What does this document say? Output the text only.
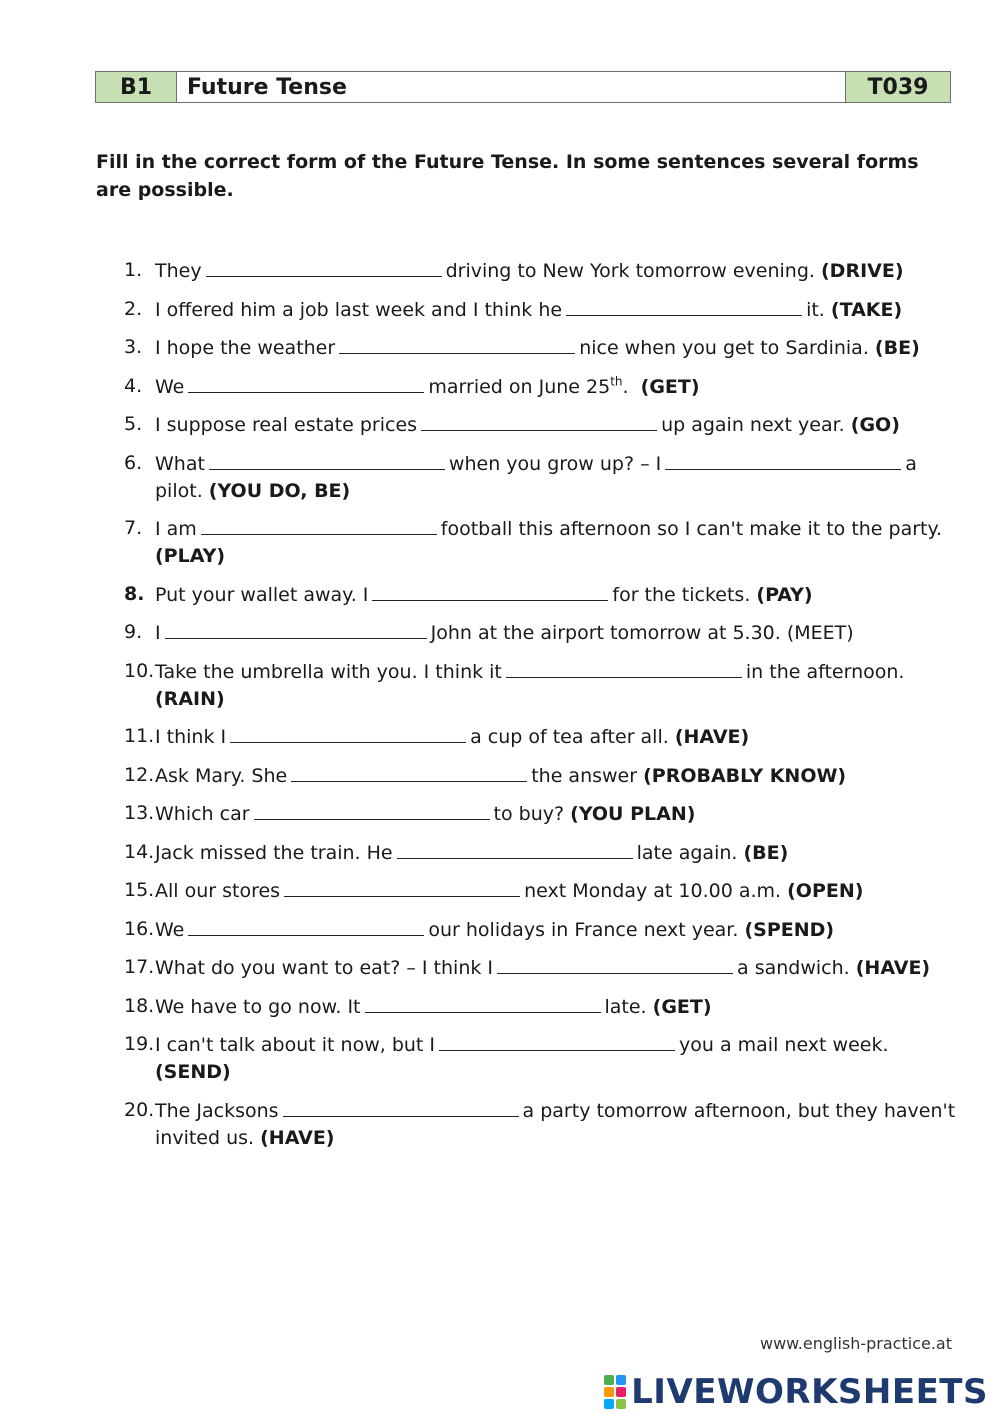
B1	Future Tense	T039
Fill in the correct form of the Future Tense. In some sentences several forms are possible.
1. They	driving to New York tomorrow evening. (DRIVE)
2. I offered him a job last week and I think he	it. (TAKE)
3. I hope the weather	nice when you get to Sardinia. (BE)
4. We	married on June 25th. (GET)
5. I suppose real estate prices	up again next year. (GO)
6. What	when you grow up? – I	a pilot. (YOU DO, BE)
7. I am	football this afternoon so I can't make it to the party. (PLAY)
8. Put your wallet away. I	for the tickets. (PAY)
9. I	John at the airport tomorrow at 5.30. (MEET)
10. Take the umbrella with you. I think it	in the afternoon. (RAIN)
11. I think I	a cup of tea after all. (HAVE)
12. Ask Mary. She	the answer (PROBABLY KNOW)
13. Which car	to buy? (YOU PLAN)
14. Jack missed the train. He	late again. (BE)
15. All our stores	next Monday at 10.00 a.m. (OPEN)
16. We	our holidays in France next year. (SPEND)
17. What do you want to eat? – I think I	a sandwich. (HAVE)
18. We have to go now. It	late. (GET)
19. I can't talk about it now, but I	you a mail next week. (SEND)
20. The Jacksons	a party tomorrow afternoon, but they haven't invited us. (HAVE)
www.english-practice.at
LIVEWORKSHEETS
